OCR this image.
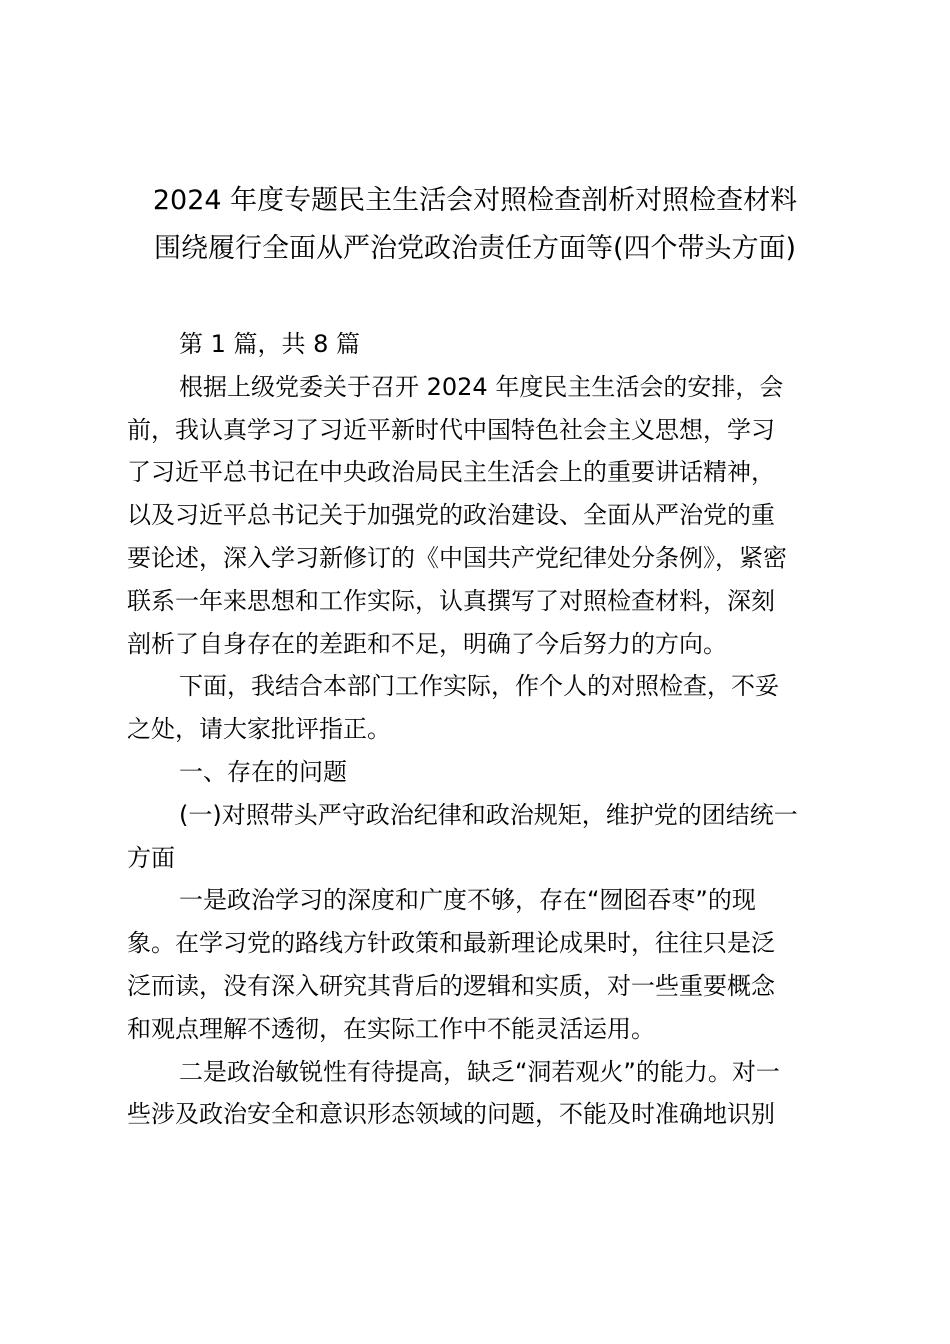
2024 年度专题民主生活会对照检查剖析对照检查材料
围绕履行全面从严治党政治责任方面等(四个带头方面)
第 1 篇，共 8 篇
根据上级党委关于召开 2024 年度民主生活会的安排，会
前，我认真学习了习近平新时代中国特色社会主义思想，学习
了习近平总书记在中央政治局民主生活会上的重要讲话精神，
以及习近平总书记关于加强党的政治建设、全面从严治党的重
要论述，深入学习新修订的《中国共产党纪律处分条例》，紧密
联系一年来思想和工作实际，认真撰写了对照检查材料，深刻
剖析了自身存在的差距和不足，明确了今后努力的方向。
下面，我结合本部门工作实际，作个人的对照检查，不妥
之处，请大家批评指正。
一、存在的问题
(一)对照带头严守政治纪律和政治规矩，维护党的团结统一
方面
一是政治学习的深度和广度不够，存在“囫囵吞枣”的现
象。在学习党的路线方针政策和最新理论成果时，往往只是泛
泛而读，没有深入研究其背后的逻辑和实质，对一些重要概念
和观点理解不透彻，在实际工作中不能灵活运用。
二是政治敏锐性有待提高，缺乏“洞若观火”的能力。对一
些涉及政治安全和意识形态领域的问题，不能及时准确地识别
